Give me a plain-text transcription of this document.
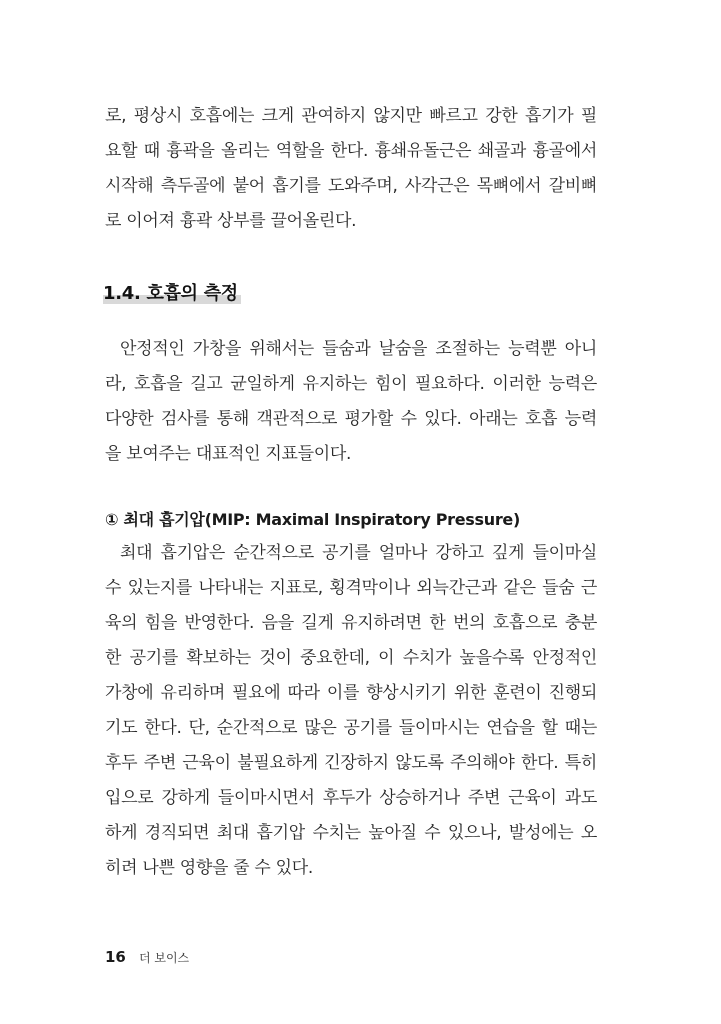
로, 평상시 호흡에는 크게 관여하지 않지만 빠르고 강한 흡기가 필
요할 때 흉곽을 올리는 역할을 한다. 흉쇄유돌근은 쇄골과 흉골에서
시작해 측두골에 붙어 흡기를 도와주며, 사각근은 목뼈에서 갈비뼈
로 이어져 흉곽 상부를 끌어올린다.
1.4. 호흡의 측정
안정적인 가창을 위해서는 들숨과 날숨을 조절하는 능력뿐 아니
라, 호흡을 길고 균일하게 유지하는 힘이 필요하다. 이러한 능력은
다양한 검사를 통해 객관적으로 평가할 수 있다. 아래는 호흡 능력
을 보여주는 대표적인 지표들이다.
① 최대 흡기압(MIP: Maximal Inspiratory Pressure)
최대 흡기압은 순간적으로 공기를 얼마나 강하고 깊게 들이마실
수 있는지를 나타내는 지표로, 횡격막이나 외늑간근과 같은 들숨 근
육의 힘을 반영한다. 음을 길게 유지하려면 한 번의 호흡으로 충분
한 공기를 확보하는 것이 중요한데, 이 수치가 높을수록 안정적인
가창에 유리하며 필요에 따라 이를 향상시키기 위한 훈련이 진행되
기도 한다. 단, 순간적으로 많은 공기를 들이마시는 연습을 할 때는
후두 주변 근육이 불필요하게 긴장하지 않도록 주의해야 한다. 특히
입으로 강하게 들이마시면서 후두가 상승하거나 주변 근육이 과도
하게 경직되면 최대 흡기압 수치는 높아질 수 있으나, 발성에는 오
히려 나쁜 영향을 줄 수 있다.
16 더 보이스
